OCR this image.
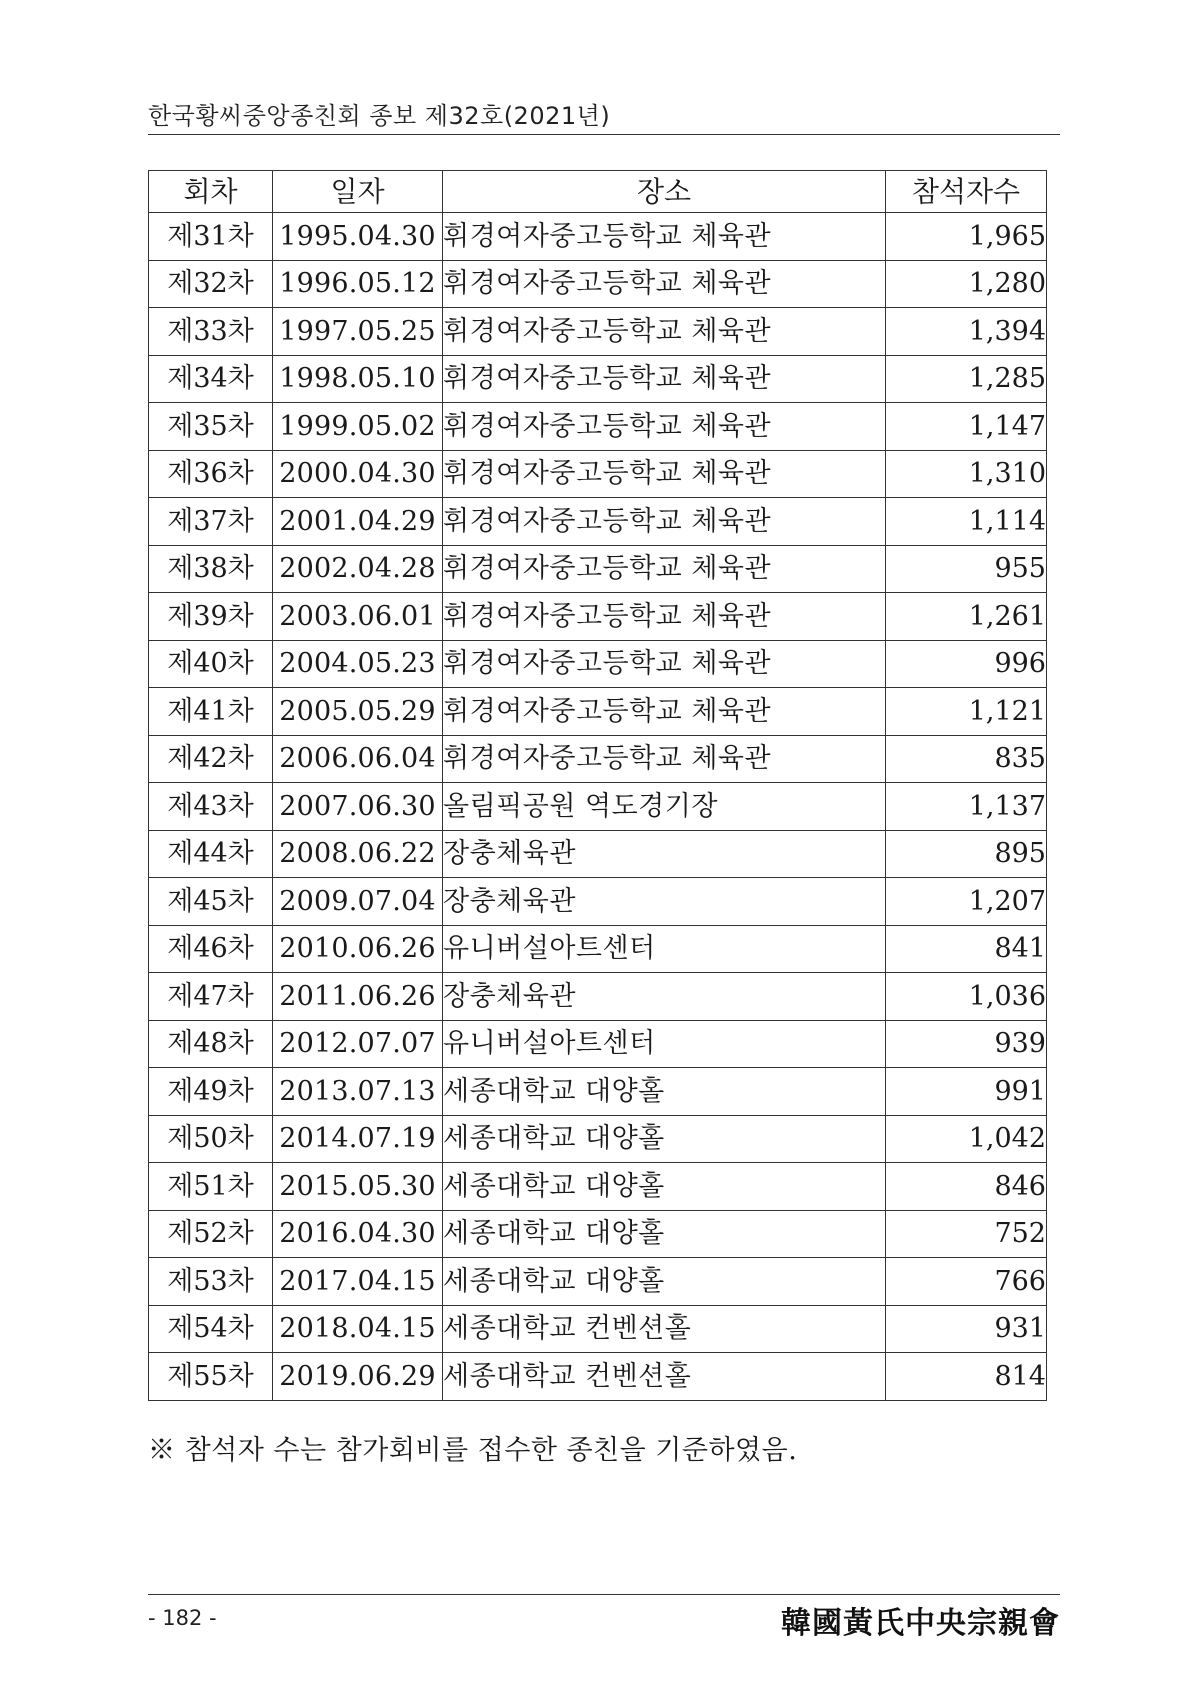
한국황씨중앙종친회 종보 제32호(2021년)
회차	일자	장소	참석자수
제31차	1995.04.30	휘경여자중고등학교 체육관	1,965
제32차	1996.05.12	휘경여자중고등학교 체육관	1,280
제33차	1997.05.25	휘경여자중고등학교 체육관	1,394
제34차	1998.05.10	휘경여자중고등학교 체육관	1,285
제35차	1999.05.02	휘경여자중고등학교 체육관	1,147
제36차	2000.04.30	휘경여자중고등학교 체육관	1,310
제37차	2001.04.29	휘경여자중고등학교 체육관	1,114
제38차	2002.04.28	휘경여자중고등학교 체육관	955
제39차	2003.06.01	휘경여자중고등학교 체육관	1,261
제40차	2004.05.23	휘경여자중고등학교 체육관	996
제41차	2005.05.29	휘경여자중고등학교 체육관	1,121
제42차	2006.06.04	휘경여자중고등학교 체육관	835
제43차	2007.06.30	올림픽공원 역도경기장	1,137
제44차	2008.06.22	장충체육관	895
제45차	2009.07.04	장충체육관	1,207
제46차	2010.06.26	유니버설아트센터	841
제47차	2011.06.26	장충체육관	1,036
제48차	2012.07.07	유니버설아트센터	939
제49차	2013.07.13	세종대학교 대양홀	991
제50차	2014.07.19	세종대학교 대양홀	1,042
제51차	2015.05.30	세종대학교 대양홀	846
제52차	2016.04.30	세종대학교 대양홀	752
제53차	2017.04.15	세종대학교 대양홀	766
제54차	2018.04.15	세종대학교 컨벤션홀	931
제55차	2019.06.29	세종대학교 컨벤션홀	814
※ 참석자 수는 참가회비를 접수한 종친을 기준하였음.
- 182 -	韓國黃氏中央宗親會
